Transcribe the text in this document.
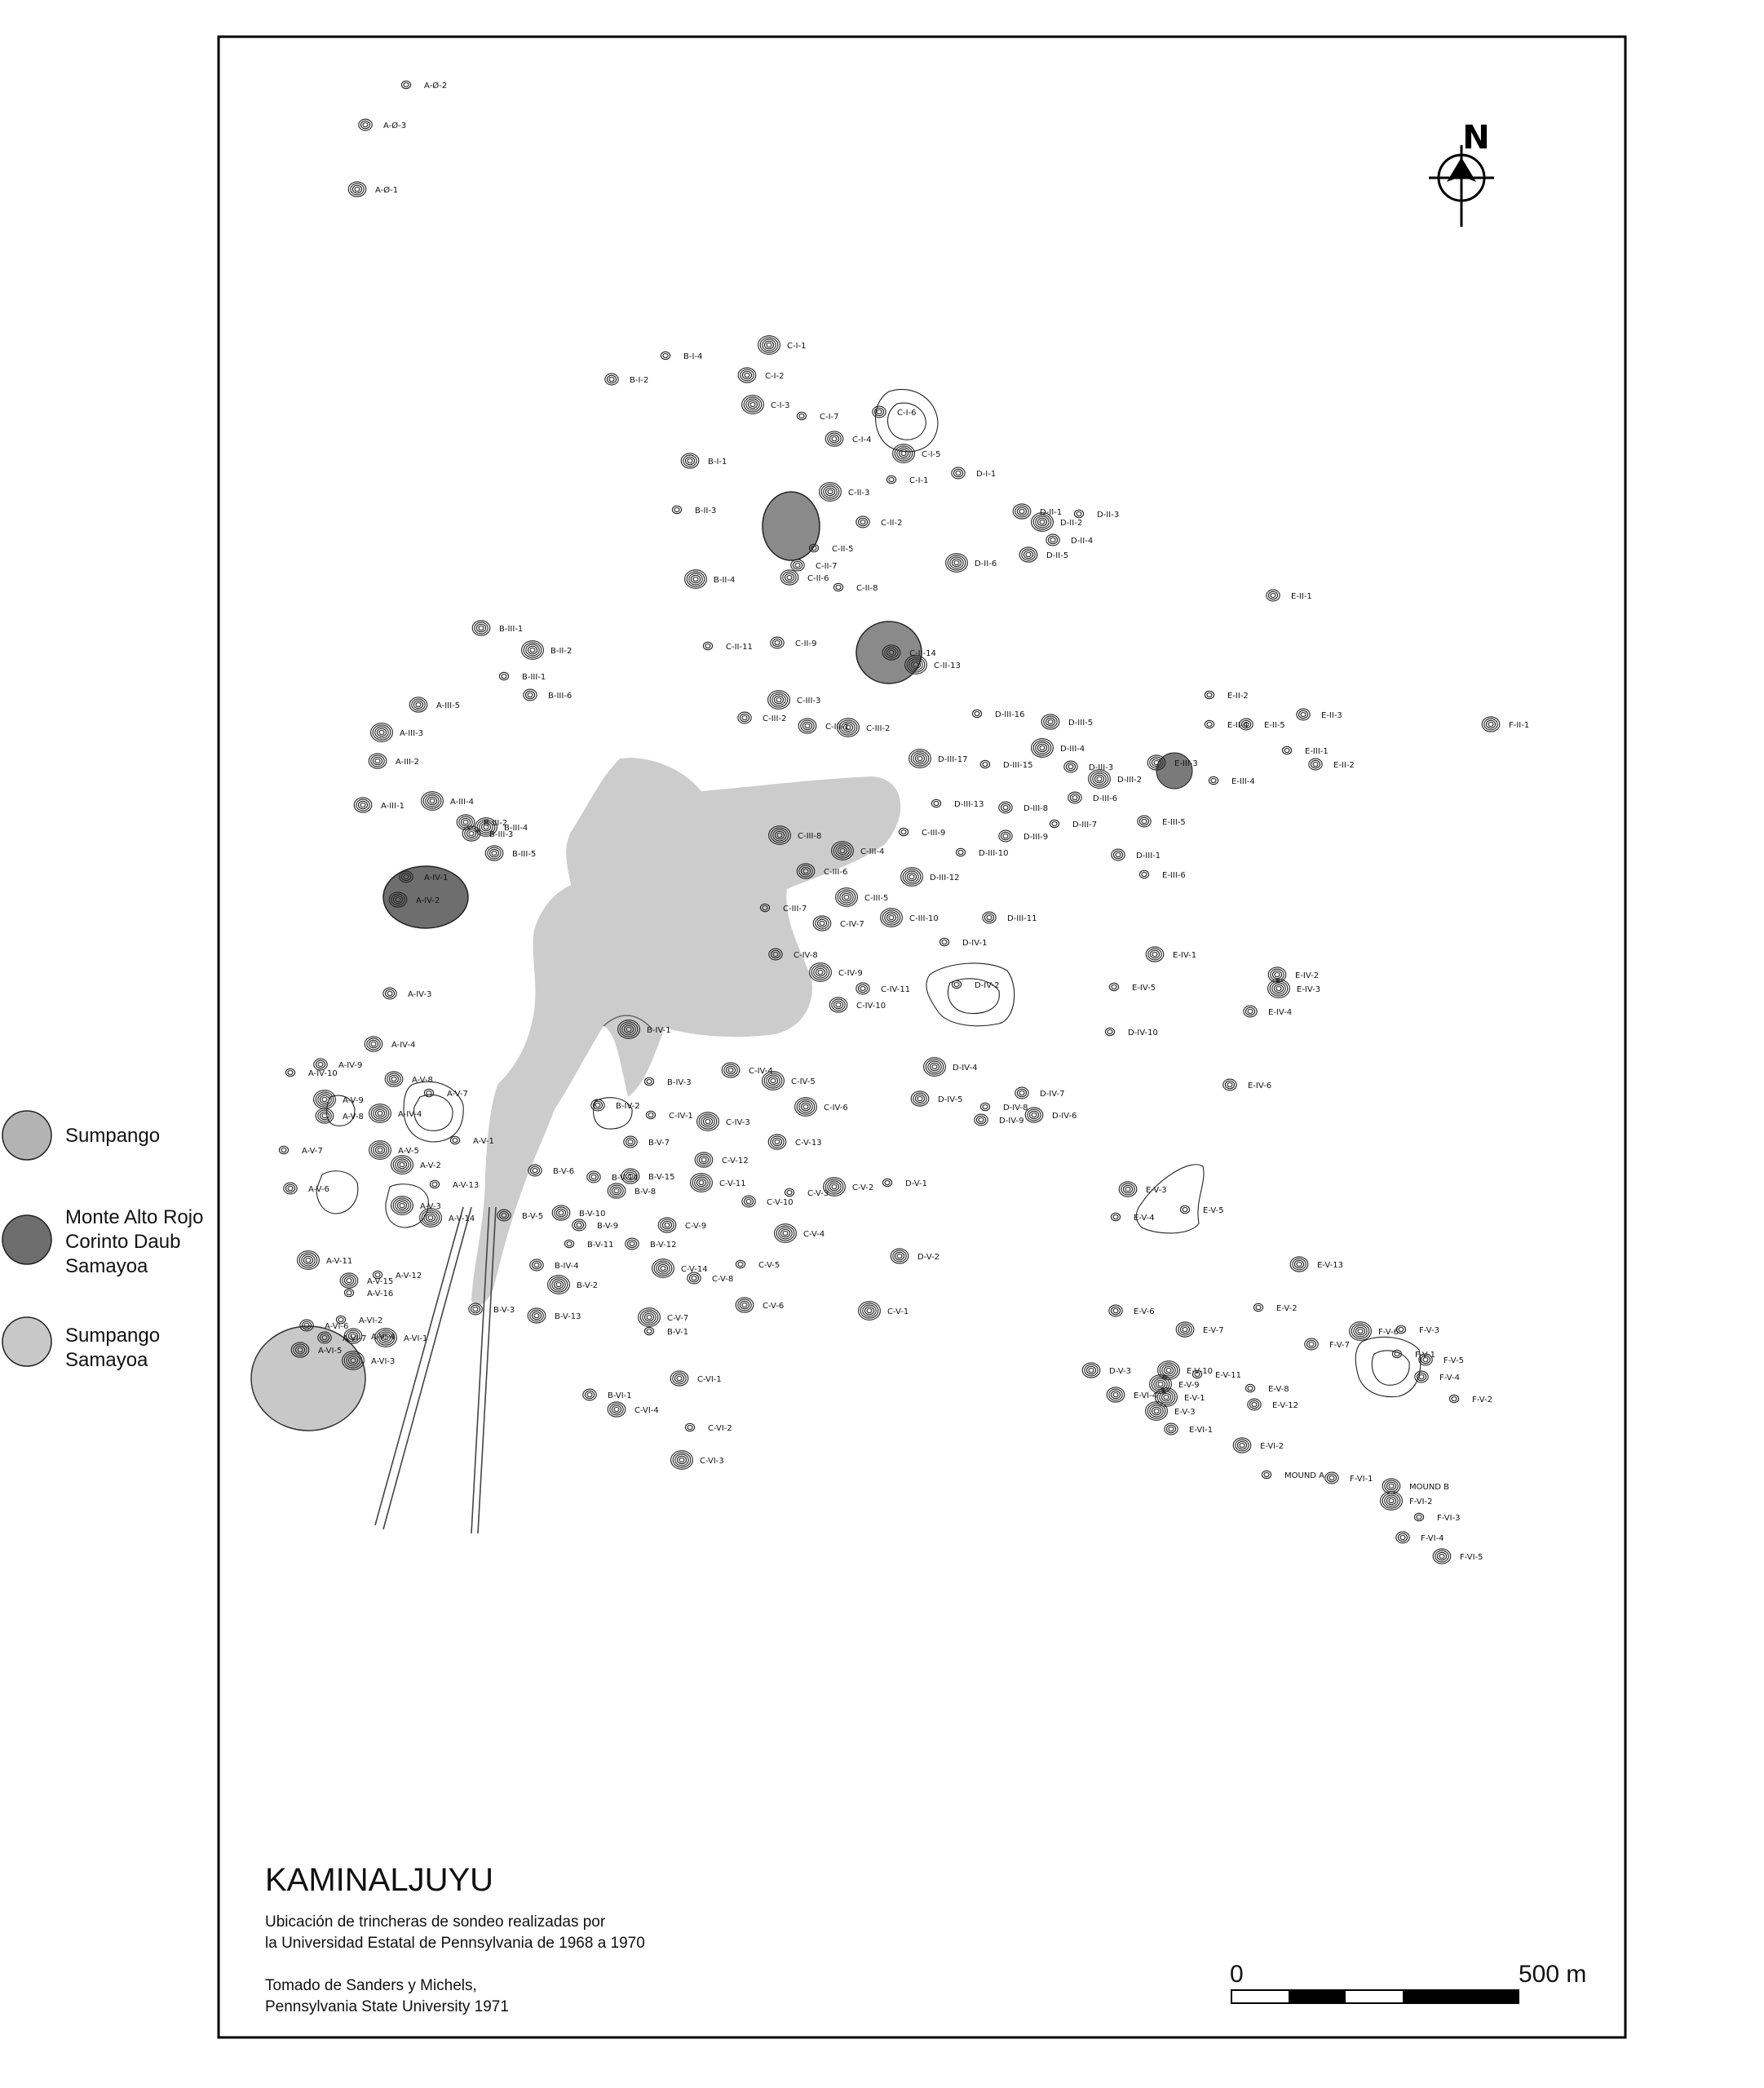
A-Ø-2
A-Ø-3
A-Ø-1
C-I-1
B-I-4
B-I-2	C-I-2
C-I-3
C-I-7	C-I-6
C-I-4
C-I-5
C-I-1
D-I-1
B-I-1
C-II-3
B-II-3
C-II-2
D-II-1
D-II-2
D-II-3
D-II-4
D-II-5
D-II-6
C-II-5
C-II-7
C-II-6
B-II-4
C-II-8
E-II-1
B-III-1
B-II-2	C-II-11	C-II-9
C-II-14
C-II-13
B-III-1
B-III-6
A-III-5
C-III-3
E-II-2
C-III-2
C-III-1 C-III-2
D-III-16	E-II-3
F-II-1
A-III-3
E-II-4 E-II-5
D-III-5
D-III-4	E-III-1
E-II-2
A-III-2	D-III-17
D-III-15	D-III-3	E-III-3
D-III-2	E-III-4
D-III-6
A-III-1	A-III-4	D-III-13	D-III-8
B-III-2
B-III-4	D-III-7	E-III-5
B-III-3	C-III-8	C-III-9	D-III-9
B-III-5	C-III-4	D-III-10	D-III-1
C-III-6
D-III-12	E-III-6
A-IV-1
A-IV-2	C-III-5
C-III-7
D-III-11
C-IV-7
C-III-10
D-IV-1
C-IV-8	E-IV-1
C-IV-9
D-IV-2
C-IV-11
E-IV-2
E-IV-3
E-IV-5
A-IV-3
C-IV-10
B-IV-1	D-IV-10
E-IV-4
A-IV-4
D-IV-4
A-IV-10
A-IV-9
C-IV-4
C-IV-5
B-IV-3	E-IV-6
A-V-8
A-V-9
A-V-7	D-IV-7
D-IV-5
C-IV-6	D-IV-8
B-IV-2
A-V-8	A-IV-4	C-IV-1
D-IV-9
D-IV-6
C-IV-3
A-V-1	B-V-7	C-V-13
A-V-5
A-V-7
B-V-6
C-V-12
A-V-2
D-V-1
B-V-14 B-V-15
C-V-11
A-V-13
A-V-6	B-V-8	C-V-2
C-V-3
C-V-10
E-V-3
A-V-3	E-V-5
B-V-5	B-V-10
A-V-14	E-V-4
B-V-9	C-V-9
C-V-4
B-V-11	B-V-12
D-V-2
A-V-11	C-V-5
B-IV-4	E-V-13
C-V-14
A-V-12	C-V-8
A-V-15	B-V-2
A-V-16
B-V-3	C-V-6
C-V-1	E-V-2
E-V-6
B-V-13	C-V-7
A-VI-2
A-VI-6	E-V-7	F-V-6	F-V-3
A-VI-7 A-VI-4 A-VI-1
B-V-1
F-V-7
A-VI-5
A-VI-3
F-V-1
F-V-5
D-V-3	E-V-10 E-V-11	F-V-4
C-VI-1
E-V-9	E-V-8
B-VI-1	E-VI-4	E-V-1	F-V-2
E-V-12
C-VI-4	E-V-3
C-VI-2	E-VI-1
E-VI-2
C-VI-3
MOUND A	F-VI-1
MOUND B
F-VI-2
F-VI-3
F-VI-4
F-VI-5
N
Sumpango
Monte Alto Rojo
Corinto Daub
Samayoa
Sumpango
Samayoa
KAMINALJUYU
Ubicación de trincheras de sondeo realizadas por
la Universidad Estatal de Pennsylvania de 1968 a 1970
Tomado de Sanders y Michels,
Pennsylvania State University 1971
0	500 m
